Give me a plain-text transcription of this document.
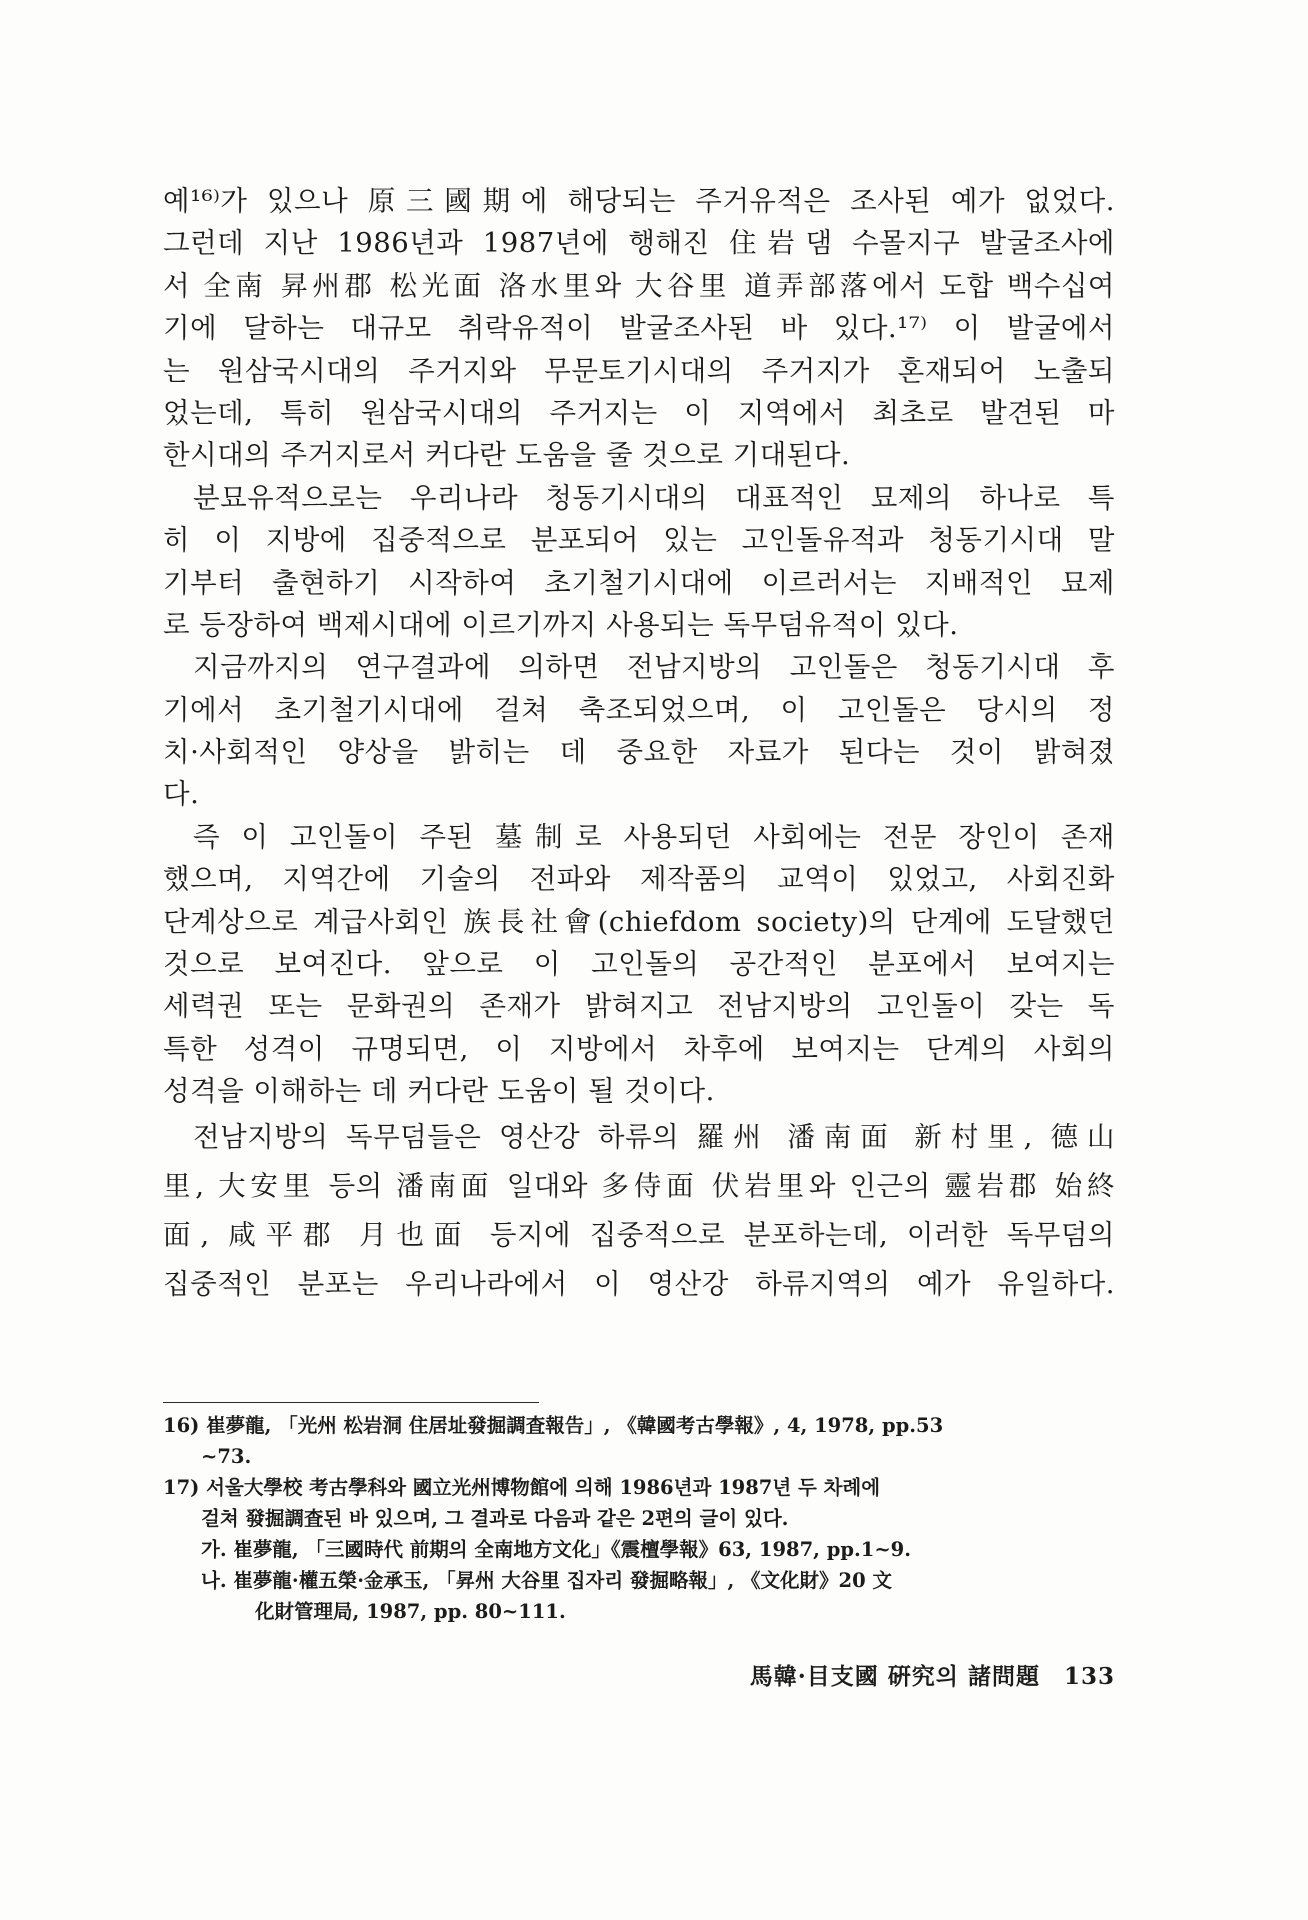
예¹⁶⁾가 있으나 原三國期에 해당되는 주거유적은 조사된 예가 없었다.
그런데 지난 1986년과 1987년에 행해진 住岩댐 수몰지구 발굴조사에
서 全南 昇州郡 松光面 洛水里와 大谷里 道弄部落에서 도합 백수십여
기에 달하는 대규모 취락유적이 발굴조사된 바 있다.¹⁷⁾ 이 발굴에서
는 원삼국시대의 주거지와 무문토기시대의 주거지가 혼재되어 노출되
었는데, 특히 원삼국시대의 주거지는 이 지역에서 최초로 발견된 마
한시대의 주거지로서 커다란 도움을 줄 것으로 기대된다.
분묘유적으로는 우리나라 청동기시대의 대표적인 묘제의 하나로 특
히 이 지방에 집중적으로 분포되어 있는 고인돌유적과 청동기시대 말
기부터 출현하기 시작하여 초기철기시대에 이르러서는 지배적인 묘제
로 등장하여 백제시대에 이르기까지 사용되는 독무덤유적이 있다.
지금까지의 연구결과에 의하면 전남지방의 고인돌은 청동기시대 후
기에서 초기철기시대에 걸쳐 축조되었으며, 이 고인돌은 당시의 정
치·사회적인 양상을 밝히는 데 중요한 자료가 된다는 것이 밝혀졌
다.
즉 이 고인돌이 주된 墓制로 사용되던 사회에는 전문 장인이 존재
했으며, 지역간에 기술의 전파와 제작품의 교역이 있었고, 사회진화
단계상으로 계급사회인 族長社會(chiefdom society)의 단계에 도달했던
것으로 보여진다. 앞으로 이 고인돌의 공간적인 분포에서 보여지는
세력권 또는 문화권의 존재가 밝혀지고 전남지방의 고인돌이 갖는 독
특한 성격이 규명되면, 이 지방에서 차후에 보여지는 단계의 사회의
성격을 이해하는 데 커다란 도움이 될 것이다.
전남지방의 독무덤들은 영산강 하류의 羅州 潘南面 新村里, 德山
里, 大安里 등의 潘南面 일대와 多侍面 伏岩里와 인근의 靈岩郡 始終
面, 咸平郡 月也面 등지에 집중적으로 분포하는데, 이러한 독무덤의
집중적인 분포는 우리나라에서 이 영산강 하류지역의 예가 유일하다.
16) 崔夢龍, 「光州 松岩洞 住居址發掘調査報告」, 《韓國考古學報》, 4, 1978, pp.53
~73.
17) 서울大學校 考古學科와 國立光州博物館에 의해 1986년과 1987년 두 차례에
걸쳐 發掘調査된 바 있으며, 그 결과로 다음과 같은 2편의 글이 있다.
가. 崔夢龍, 「三國時代 前期의 全南地方文化」《震檀學報》63, 1987, pp.1~9.
나. 崔夢龍·權五榮·金承玉, 「昇州 大谷里 집자리 發掘略報」, 《文化財》20 文
化財管理局, 1987, pp. 80~111.
馬韓·目支國 硏究의 諸問題 133
